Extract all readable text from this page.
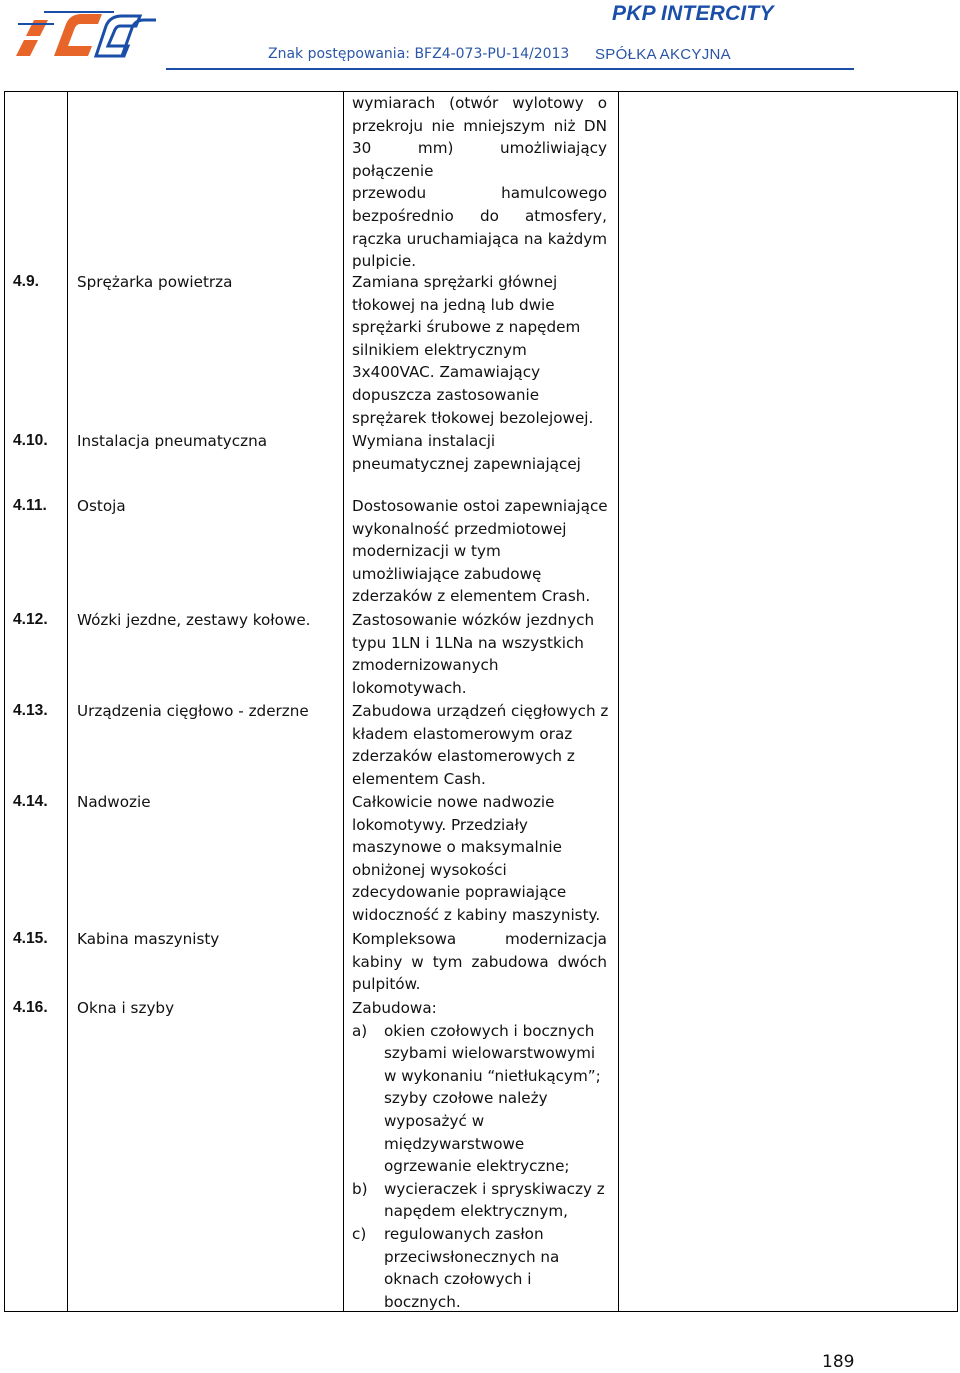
PKP INTERCITY
Znak postępowania: BFZ4-073-PU-14/2013 SPÓŁKA AKCYJNA
wymiarach (otwór wylotowy o
przekroju nie mniejszym niż DN
30 mm) umożliwiający połączenie
przewodu hamulcowego
bezpośrednio do atmosfery,
rączka uruchamiająca na każdym
pulpicie.
4.9. Sprężarka powietrza	Zamiana sprężarki głównej
tłokowej na jedną lub dwie
sprężarki śrubowe z napędem
silnikiem elektrycznym
3x400VAC. Zamawiający
dopuszcza zastosowanie
sprężarek tłokowej bezolejowej.
4.10. Instalacja pneumatyczna	Wymiana instalacji
pneumatycznej zapewniającej
4.11. Ostoja	Dostosowanie ostoi zapewniające
wykonalność przedmiotowej
modernizacji w tym
umożliwiające zabudowę
zderzaków z elementem Crash.
4.12. Wózki jezdne, zestawy kołowe.	Zastosowanie wózków jezdnych
typu 1LN i 1LNa na wszystkich
zmodernizowanych
lokomotywach.
4.13. Urządzenia cięgłowo - zderzne	Zabudowa urządzeń cięgłowych z
kładem elastomerowym oraz
zderzaków elastomerowych z
elementem Cash.
4.14. Nadwozie	Całkowicie nowe nadwozie
lokomotywy. Przedziały
maszynowe o maksymalnie
obniżonej wysokości
zdecydowanie poprawiające
widoczność z kabiny maszynisty.
4.15. Kabina maszynisty	Kompleksowa modernizacja
kabiny w tym zabudowa dwóch
pulpitów.
4.16. Okna i szyby	Zabudowa:
a) okien czołowych i bocznych
szybami wielowarstwowymi
w wykonaniu “nietłukącym”;
szyby czołowe należy
wyposażyć w
międzywarstwowe
ogrzewanie elektryczne;
b) wycieraczek i spryskiwaczy z
napędem elektrycznym,
c) regulowanych zasłon
przeciwsłonecznych na
oknach czołowych i
bocznych.
189
